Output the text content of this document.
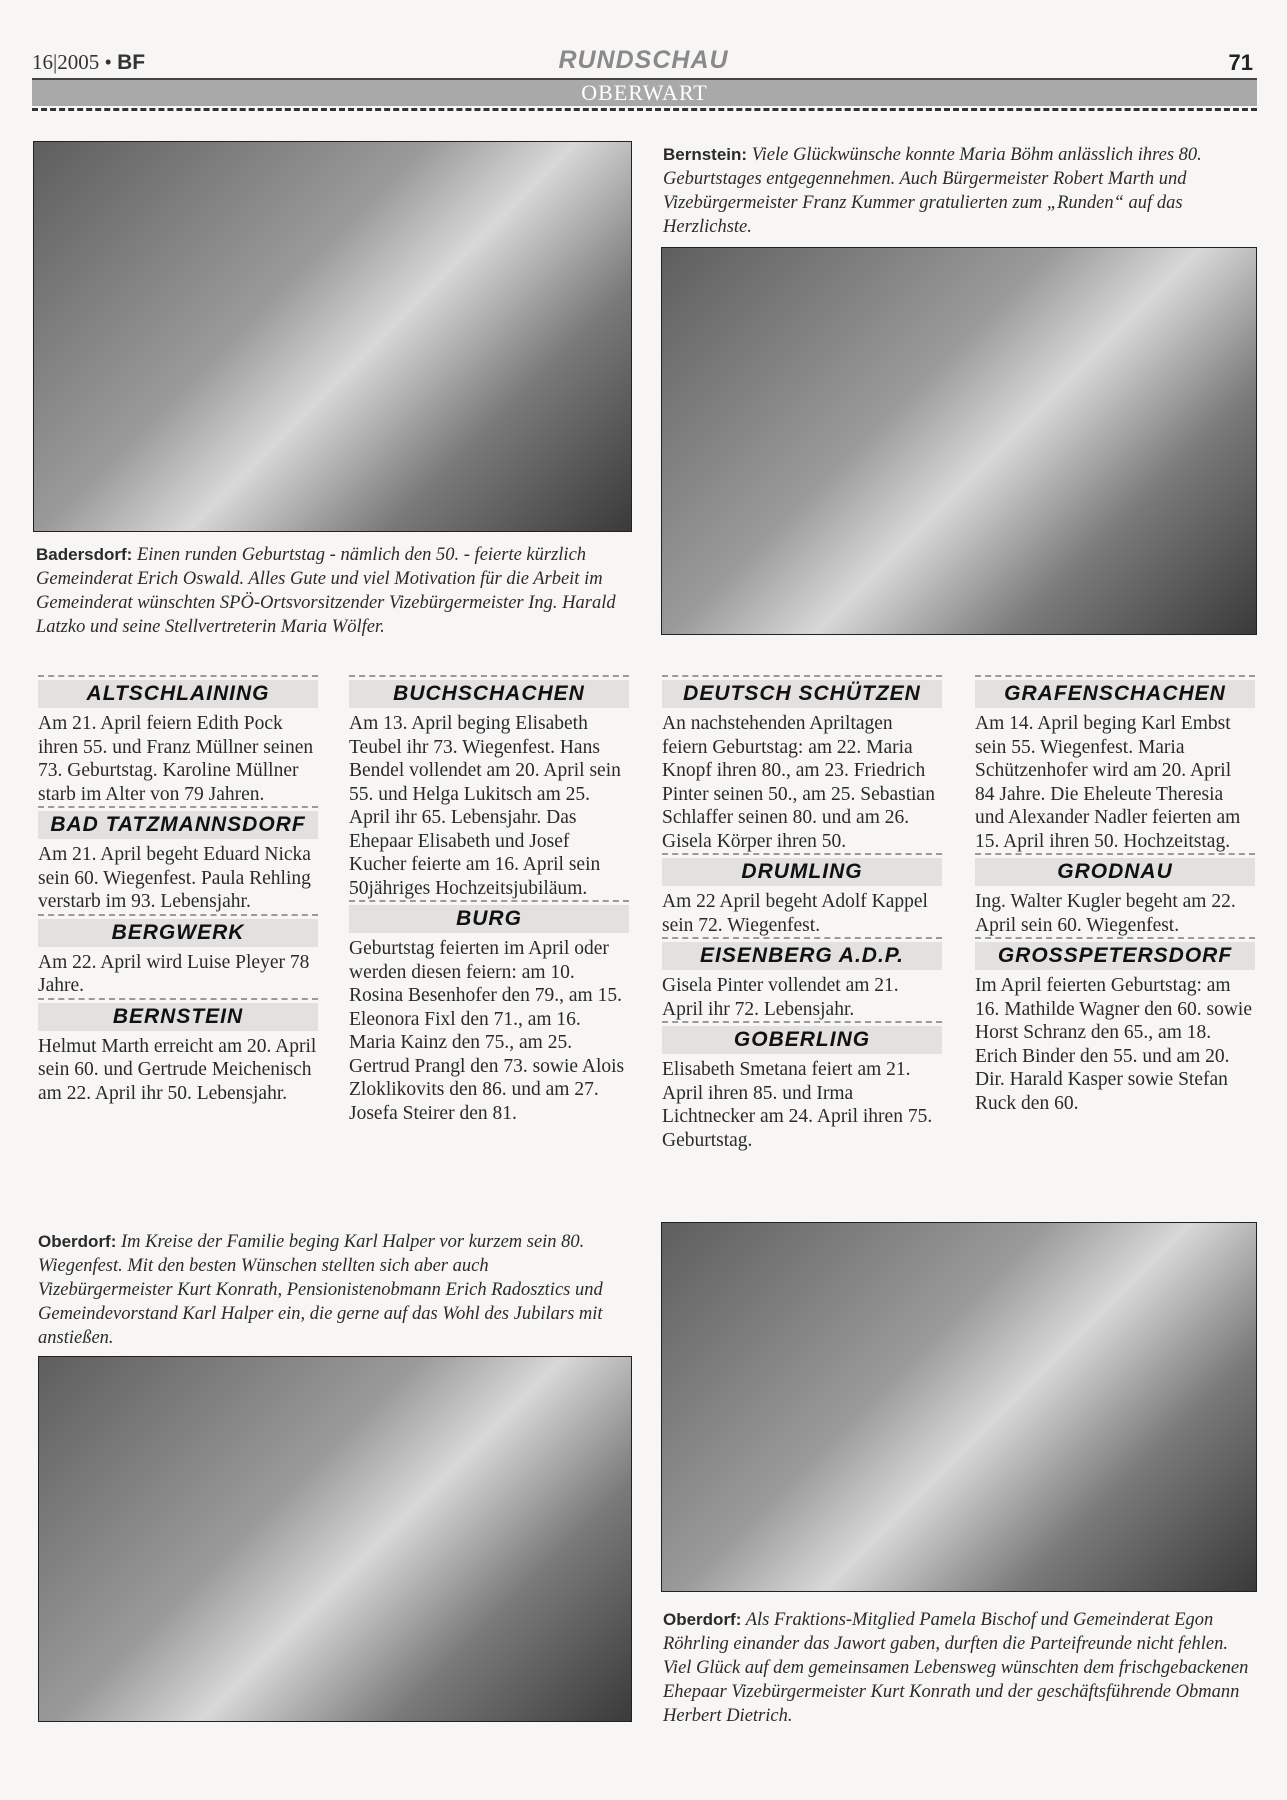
16|2005 • BF	RUNDSCHAU	71
OBERWART
Badersdorf: Einen runden Geburtstag - nämlich den 50. - feierte kürzlich Gemeinderat Erich Oswald. Alles Gute und viel Motivation für die Arbeit im Gemeinderat wünschten SPÖ-Ortsvorsitzender Vizebürgermeister Ing. Harald Latzko und seine Stellvertreterin Maria Wölfer.
Bernstein: Viele Glückwünsche konnte Maria Böhm anlässlich ihres 80. Geburtstages entgegennehmen. Auch Bürgermeister Robert Marth und Vizebürgermeister Franz Kummer gratulierten zum „Runden“ auf das Herzlichste.
ALTSCHLAINING

Am 21. April feiern Edith Pock ihren 55. und Franz Müllner seinen 73. Geburtstag. Karoline Müllner starb im Alter von 79 Jahren.

BAD TATZMANNSDORF

Am 21. April begeht Eduard Nicka sein 60. Wiegenfest. Paula Rehling verstarb im 93. Lebensjahr.

BERGWERK

Am 22. April wird Luise Pleyer 78 Jahre.

BERNSTEIN

Helmut Marth erreicht am 20. April sein 60. und Gertrude Meichenisch am 22. April ihr 50. Lebensjahr.

BUCHSCHACHEN

Am 13. April beging Elisabeth Teubel ihr 73. Wiegenfest. Hans Bendel vollendet am 20. April sein 55. und Helga Lukitsch am 25. April ihr 65. Lebensjahr. Das Ehepaar Elisabeth und Josef Kucher feierte am 16. April sein 50jähriges Hochzeitsjubiläum.

BURG

Geburtstag feierten im April oder werden diesen feiern: am 10. Rosina Besenhofer den 79., am 15. Eleonora Fixl den 71., am 16. Maria Kainz den 75., am 25. Gertrud Prangl den 73. sowie Alois Zloklikovits den 86. und am 27. Josefa Steirer den 81.

DEUTSCH SCHÜTZEN

An nachstehenden Apriltagen feiern Geburtstag: am 22. Maria Knopf ihren 80., am 23. Friedrich Pinter seinen 50., am 25. Sebastian Schlaffer seinen 80. und am 26. Gisela Körper ihren 50.

DRUMLING

Am 22 April begeht Adolf Kappel sein 72. Wiegenfest.

EISENBERG A.D.P.

Gisela Pinter vollendet am 21. April ihr 72. Lebensjahr.

GOBERLING

Elisabeth Smetana feiert am 21. April ihren 85. und Irma Lichtnecker am 24. April ihren 75. Geburtstag.

GRAFENSCHACHEN

Am 14. April beging Karl Embst sein 55. Wiegenfest. Maria Schützenhofer wird am 20. April 84 Jahre. Die Eheleute Theresia und Alexander Nadler feierten am 15. April ihren 50. Hochzeitstag.

GRODNAU

Ing. Walter Kugler begeht am 22. April sein 60. Wiegenfest.

GROSSPETERSDORF

Im April feierten Geburtstag: am 16. Mathilde Wagner den 60. sowie Horst Schranz den 65., am 18. Erich Binder den 55. und am 20. Dir. Harald Kasper sowie Stefan Ruck den 60.

Oberdorf: Im Kreise der Familie beging Karl Halper vor kurzem sein 80. Wiegenfest. Mit den besten Wünschen stellten sich aber auch Vizebürgermeister Kurt Konrath, Pensionistenobmann Erich Radosztics und Gemeindevorstand Karl Halper ein, die gerne auf das Wohl des Jubilars mit anstießen.
Oberdorf: Als Fraktions-Mitglied Pamela Bischof und Gemeinderat Egon Röhrling einander das Jawort gaben, durften die Parteifreunde nicht fehlen. Viel Glück auf dem gemeinsamen Lebensweg wünschten dem frischgebackenen Ehepaar Vizebürgermeister Kurt Konrath und der geschäftsführende Obmann Herbert Dietrich.
